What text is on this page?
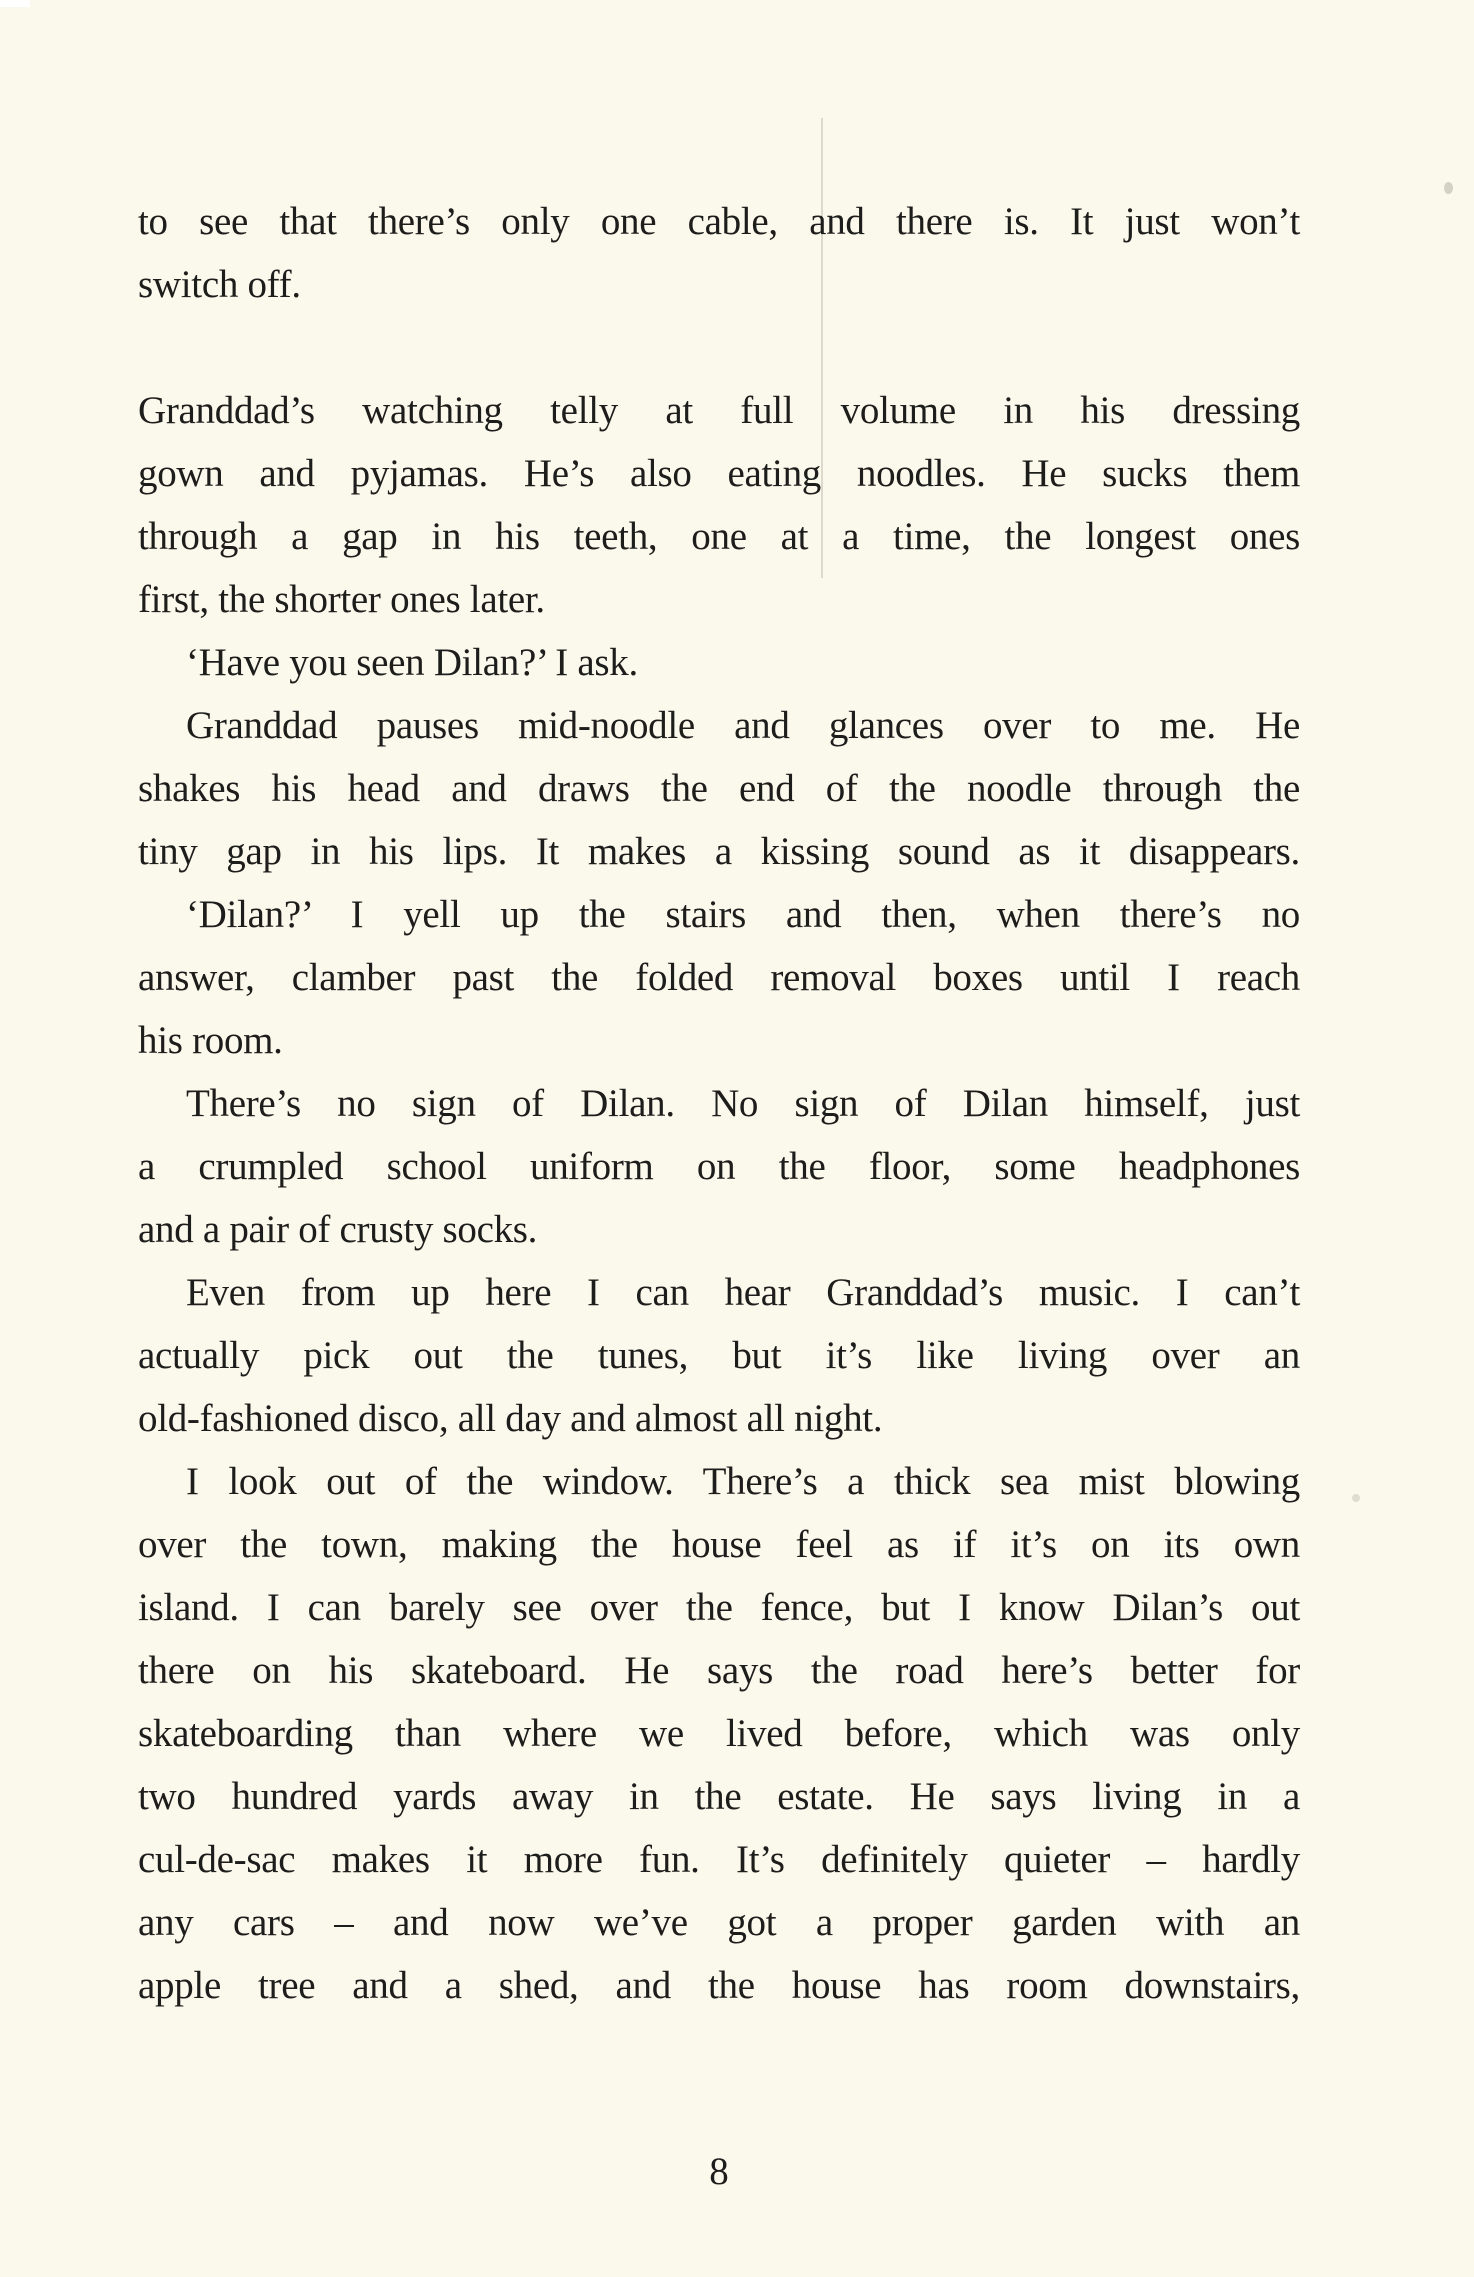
to see that there’s only one cable, and there is. It just won’t
switch off.
Granddad’s watching telly at full volume in his dressing
gown and pyjamas. He’s also eating noodles. He sucks them
through a gap in his teeth, one at a time, the longest ones
first, the shorter ones later.
‘Have you seen Dilan?’ I ask.
Granddad pauses mid-noodle and glances over to me. He
shakes his head and draws the end of the noodle through the
tiny gap in his lips. It makes a kissing sound as it disappears.
‘Dilan?’ I yell up the stairs and then, when there’s no
answer, clamber past the folded removal boxes until I reach
his room.
There’s no sign of Dilan. No sign of Dilan himself, just
a crumpled school uniform on the floor, some headphones
and a pair of crusty socks.
Even from up here I can hear Granddad’s music. I can’t
actually pick out the tunes, but it’s like living over an
old-fashioned disco, all day and almost all night.
I look out of the window. There’s a thick sea mist blowing
over the town, making the house feel as if it’s on its own
island. I can barely see over the fence, but I know Dilan’s out
there on his skateboard. He says the road here’s better for
skateboarding than where we lived before, which was only
two hundred yards away in the estate. He says living in a
cul-de-sac makes it more fun. It’s definitely quieter – hardly
any cars – and now we’ve got a proper garden with an
apple tree and a shed, and the house has room downstairs,
8
